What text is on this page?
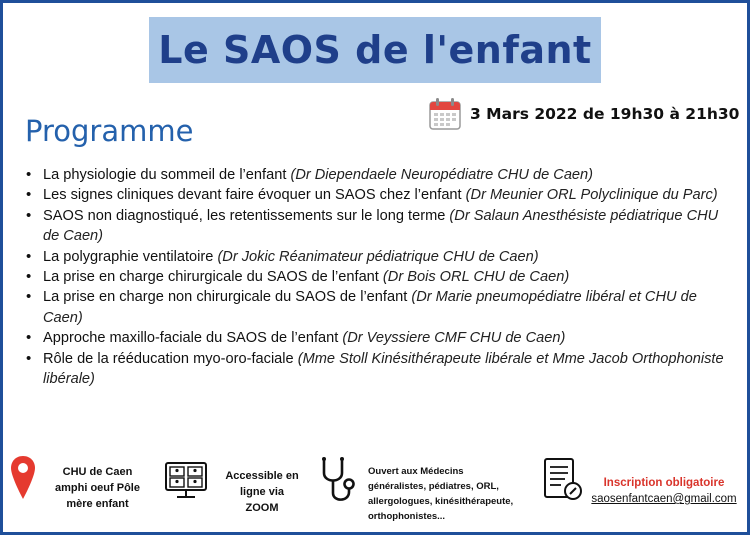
Le SAOS de l'enfant
3 Mars 2022 de 19h30 à 21h30
Programme
• La physiologie du sommeil de l’enfant (Dr Diependaele Neuropédiatre CHU de Caen)
• Les signes cliniques devant faire évoquer un SAOS chez l’enfant (Dr Meunier ORL Polyclinique du Parc)
• SAOS non diagnostiqué, les retentissements sur le long terme (Dr Salaun Anesthésiste pédiatrique CHU de Caen)
• La polygraphie ventilatoire (Dr Jokic Réanimateur pédiatrique CHU de Caen)
• La prise en charge chirurgicale du SAOS de l’enfant (Dr Bois ORL CHU de Caen)
• La prise en charge non chirurgicale du SAOS de l’enfant (Dr Marie pneumopédiatre libéral et CHU de Caen)
• Approche maxillo-faciale du SAOS de l’enfant (Dr Veyssiere CMF CHU de Caen)
• Rôle de la rééducation myo-oro-faciale (Mme Stoll Kinésithérapeute libérale et Mme Jacob Orthophoniste libérale)
CHU de Caen
amphi oeuf Pôle
mère enfant
Accessible en
ligne via
ZOOM
Ouvert aux Médecins
généralistes, pédiatres, ORL,
allergologues, kinésithérapeute,
orthophonistes...
Inscription obligatoire
saosenfantcaen@gmail.com
